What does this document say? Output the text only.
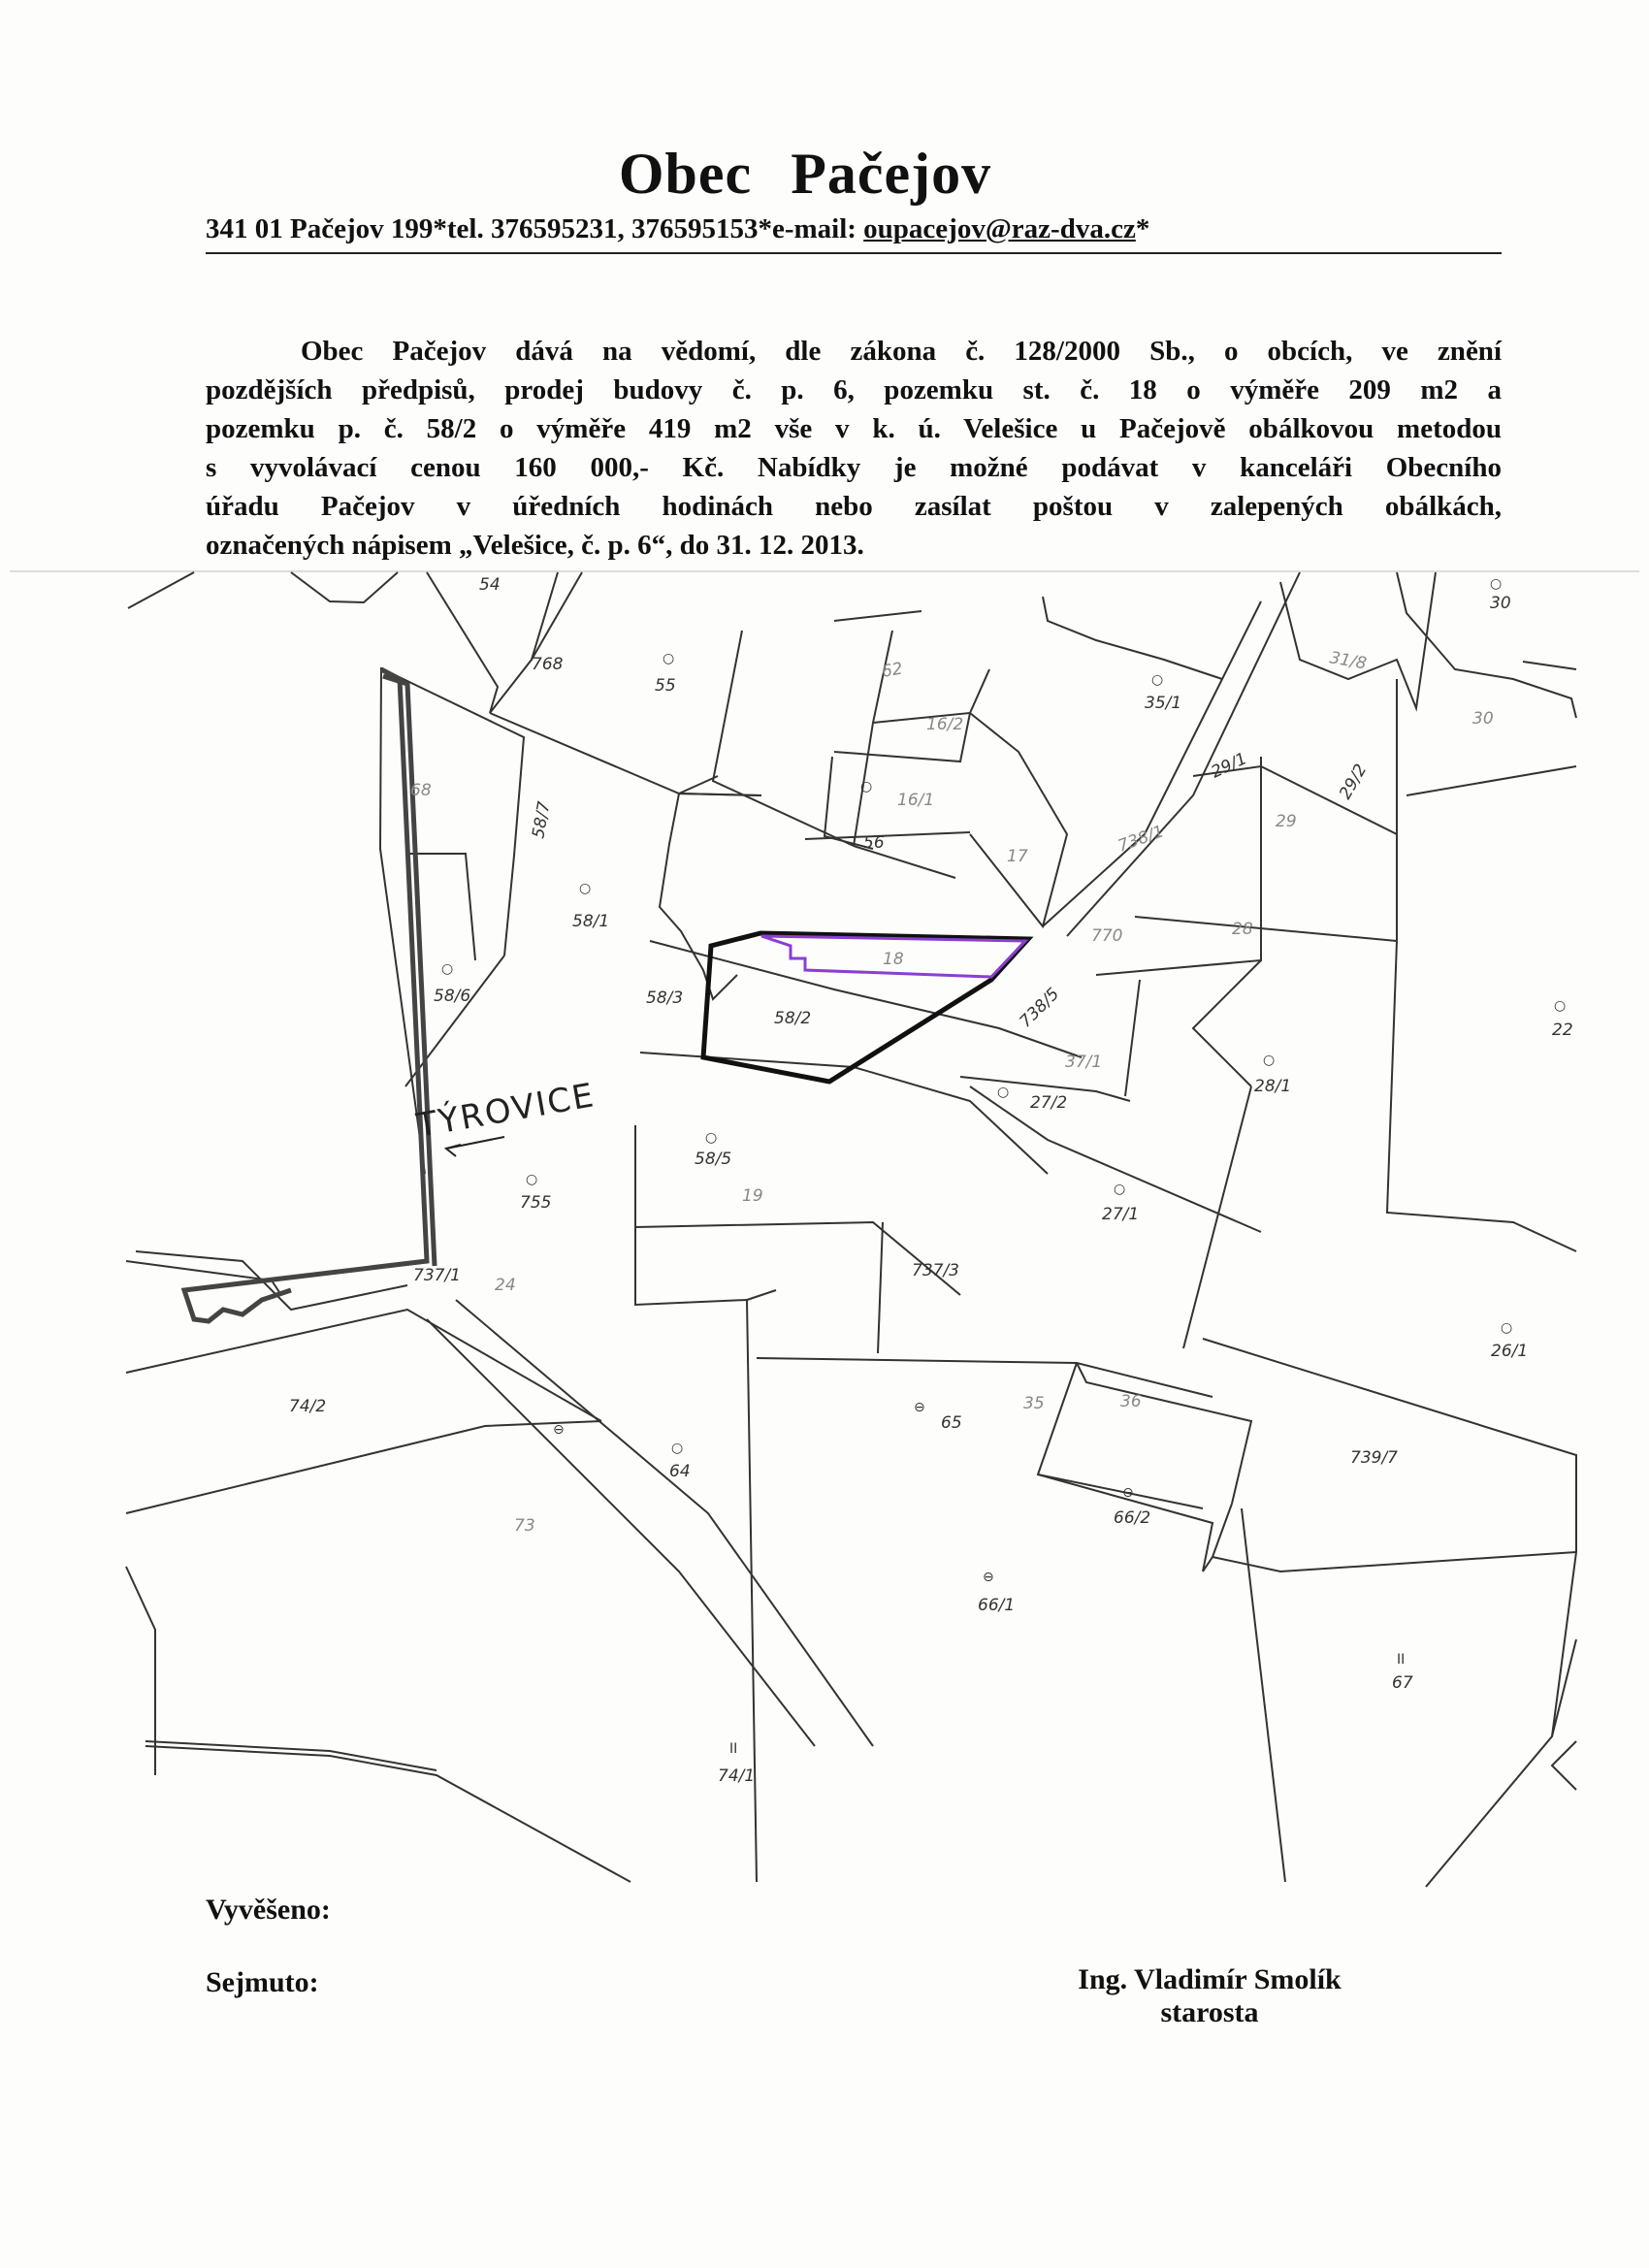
Obec Pačejov
341 01 Pačejov 199*tel. 376595231, 376595153*e-mail: oupacejov@raz-dva.cz*
Obec Pačejov dává na vědomí, dle zákona č. 128/2000 Sb., o obcích, ve znění
pozdějších předpisů, prodej budovy č. p. 6, pozemku st. č. 18 o výměře 209 m2 a
pozemku p. č. 58/2 o výměře 419 m2 vše v k. ú. Velešice u Pačejově obálkovou metodou
s vyvolávací cenou 160 000,- Kč. Nabídky je možné podávat v kanceláři Obecního
úřadu Pačejov v úředních hodinách nebo zasílat poštou v zalepených obálkách,
označených nápisem „Velešice, č. p. 6“, do 31. 12. 2013.
TÝROVICE
54
768	○
55
62
16/2
16/1
○
56
17
○
35/1
31/8
○
30
30
29/1	29/2
29
738/1
28
770
68
58/7
○
58/1
○
58/6	58/3
58/2
18
738/5
37/1
○
27/2
○
28/1
○
22
○
58/5
19
○
755
○
27/1
737/1 24
737/3
○
26/1
74/2
○
64
⊖
65
35	36
739/7
⊖
73
⊖
66/2
⊖
66/1
II
67
II
74/1
Vyvěšeno:
Sejmuto:	Ing. Vladimír Smolík
starosta
